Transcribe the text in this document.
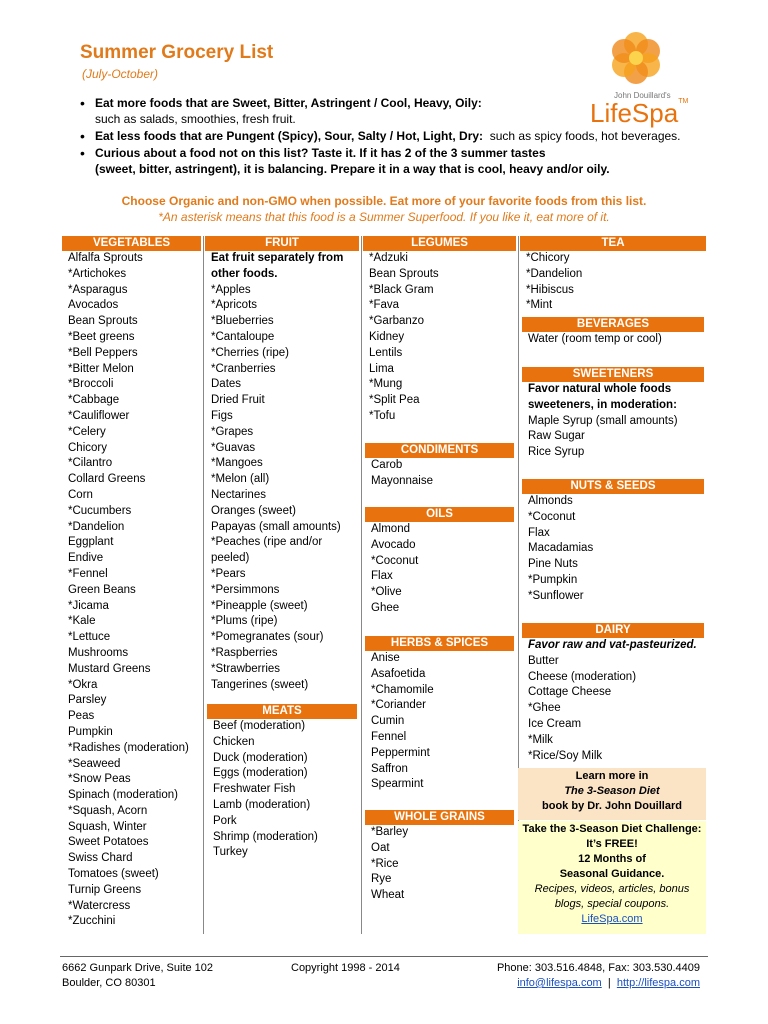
Summer Grocery List
(July-October)
John Douillard's
LifeSpa™
• Eat more foods that are Sweet, Bitter, Astringent / Cool, Heavy, Oily:
such as salads, smoothies, fresh fruit.
• Eat less foods that are Pungent (Spicy), Sour, Salty / Hot, Light, Dry: such as spicy foods, hot beverages.
• Curious about a food not on this list? Taste it. If it has 2 of the 3 summer tastes
(sweet, bitter, astringent), it is balancing. Prepare it in a way that is cool, heavy and/or oily.
Choose Organic and non-GMO when possible. Eat more of your favorite foods from this list.
*An asterisk means that this food is a Summer Superfood. If you like it, eat more of it.
VEGETABLES
Alfalfa Sprouts
*Artichokes
*Asparagus
Avocados
Bean Sprouts
*Beet greens
*Bell Peppers
*Bitter Melon
*Broccoli
*Cabbage
*Cauliflower
*Celery
Chicory
*Cilantro
Collard Greens
Corn
*Cucumbers
*Dandelion
Eggplant
Endive
*Fennel
Green Beans
*Jicama
*Kale
*Lettuce
Mushrooms
Mustard Greens
*Okra
Parsley
Peas
Pumpkin
*Radishes (moderation)
*Seaweed
*Snow Peas
Spinach (moderation)
*Squash, Acorn
Squash, Winter
Sweet Potatoes
Swiss Chard
Tomatoes (sweet)
Turnip Greens
*Watercress
*Zucchini
FRUIT
Eat fruit separately from
other foods.
*Apples
*Apricots
*Blueberries
*Cantaloupe
*Cherries (ripe)
*Cranberries
Dates
Dried Fruit
Figs
*Grapes
*Guavas
*Mangoes
*Melon (all)
Nectarines
Oranges (sweet)
Papayas (small amounts)
*Peaches (ripe and/or peeled)
*Pears
*Persimmons
*Pineapple (sweet)
*Plums (ripe)
*Pomegranates (sour)
*Raspberries
*Strawberries
Tangerines (sweet)
MEATS
Beef (moderation)
Chicken
Duck (moderation)
Eggs (moderation)
Freshwater Fish
Lamb (moderation)
Pork
Shrimp (moderation)
Turkey
LEGUMES
*Adzuki
Bean Sprouts
*Black Gram
*Fava
*Garbanzo
Kidney
Lentils
Lima
*Mung
*Split Pea
*Tofu
CONDIMENTS
Carob
Mayonnaise
OILS
Almond
Avocado
*Coconut
Flax
*Olive
Ghee
HERBS & SPICES
Anise
Asafoetida
*Chamomile
*Coriander
Cumin
Fennel
Peppermint
Saffron
Spearmint
WHOLE GRAINS
*Barley
Oat
*Rice
Rye
Wheat
TEA
*Chicory
*Dandelion
*Hibiscus
*Mint
BEVERAGES
Water (room temp or cool)
SWEETENERS
Favor natural whole foods
sweeteners, in moderation:
Maple Syrup (small amounts)
Raw Sugar
Rice Syrup
NUTS & SEEDS
Almonds
*Coconut
Flax
Macadamias
Pine Nuts
*Pumpkin
*Sunflower
DAIRY
Favor raw and vat-pasteurized.
Butter
Cheese (moderation)
Cottage Cheese
*Ghee
Ice Cream
*Milk
*Rice/Soy Milk
Learn more in
The 3-Season Diet
book by Dr. John Douillard
Take the 3-Season Diet Challenge:
It’s FREE!
12 Months of
Seasonal Guidance.
Recipes, videos, articles, bonus
blogs, special coupons.
LifeSpa.com
6662 Gunpark Drive, Suite 102
Boulder, CO 80301
Copyright 1998 - 2014	Phone: 303.516.4848, Fax: 303.530.4409
info@lifespa.com | http://lifespa.com
